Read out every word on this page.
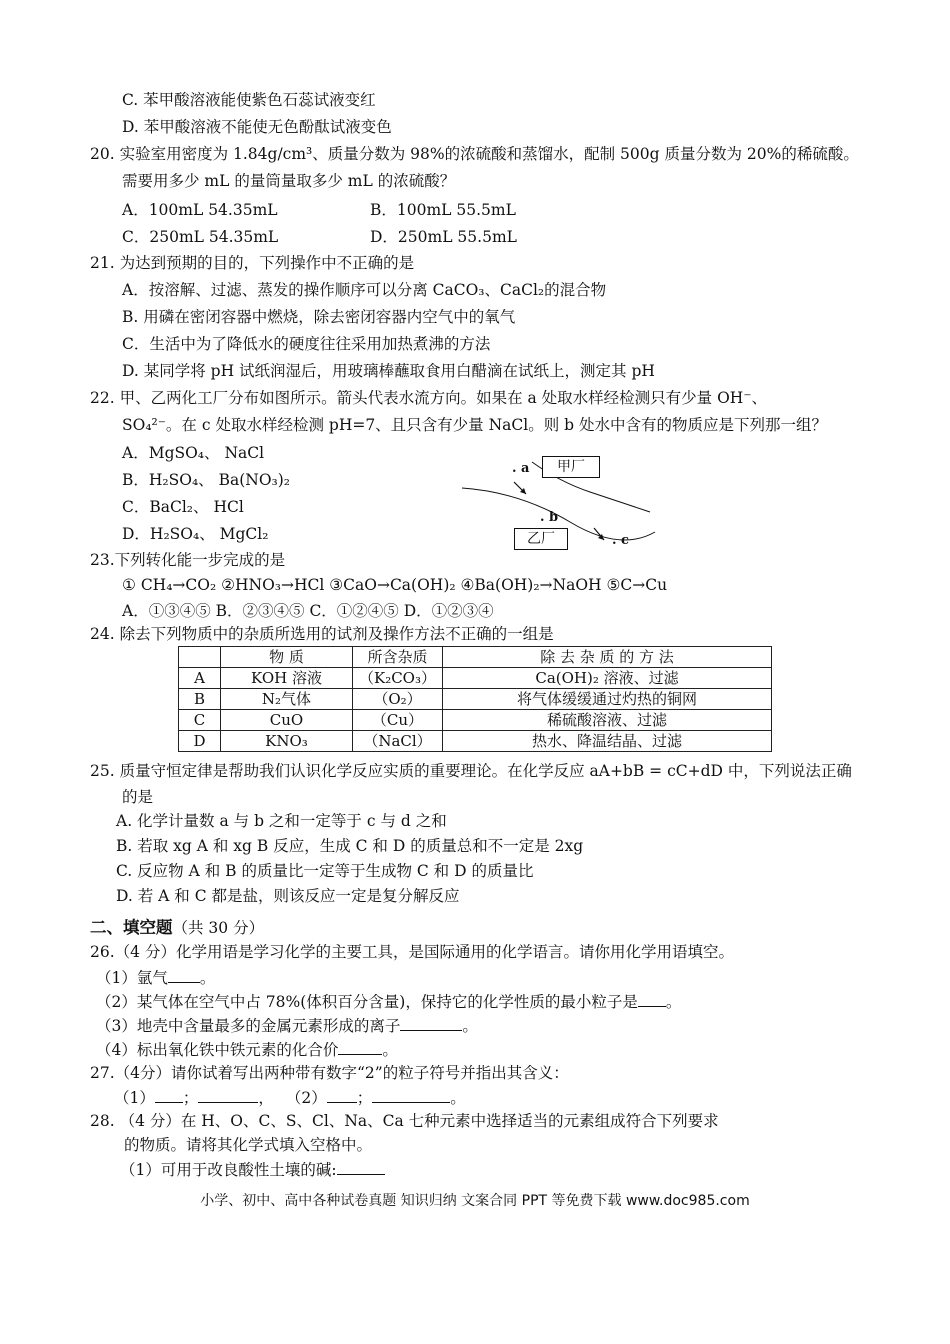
C. 苯甲酸溶液能使紫色石蕊试液变红
D. 苯甲酸溶液不能使无色酚酞试液变色
20. 实验室用密度为 1.84g/cm³、质量分数为 98%的浓硫酸和蒸馏水，配制 500g 质量分数为 20%的稀硫酸。
需要用多少 mL 的量筒量取多少 mL 的浓硫酸？
A．100mL 54.35mL	B．100mL 55.5mL
C．250mL 54.35mL	D．250mL 55.5mL
21. 为达到预期的目的，下列操作中不正确的是
A．按溶解、过滤、蒸发的操作顺序可以分离 CaCO₃、CaCl₂的混合物
B. 用磷在密闭容器中燃烧，除去密闭容器内空气中的氧气
C．生活中为了降低水的硬度往往采用加热煮沸的方法
D. 某同学将 pH 试纸润湿后，用玻璃棒蘸取食用白醋滴在试纸上，测定其 pH
22. 甲、乙两化工厂分布如图所示。箭头代表水流方向。如果在 a 处取水样经检测只有少量 OH⁻、
SO₄²⁻。在 c 处取水样经检测 pH=7、且只含有少量 NaCl。则 b 处水中含有的物质应是下列那一组？
A．MgSO₄、 NaCl
B．H₂SO₄、 Ba(NO₃)₂
C．BaCl₂、 HCl
D．H₂SO₄、 MgCl₂
甲厂
乙厂
. a
. b
. c
23.下列转化能一步完成的是
① CH₄→CO₂ ②HNO₃→HCl ③CaO→Ca(OH)₂ ④Ba(OH)₂→NaOH ⑤C→Cu
A．①③④⑤ B．②③④⑤ C．①②④⑤ D．①②③④
24. 除去下列物质中的杂质所选用的试剂及操作方法不正确的一组是
	物 质	所含杂质	除 去 杂 质 的 方 法
A	KOH 溶液	（K₂CO₃）	Ca(OH)₂ 溶液、过滤
B	N₂气体	（O₂）	将气体缓缓通过灼热的铜网
C	CuO	（Cu）	稀硫酸溶液、过滤
D	KNO₃	（NaCl）	热水、降温结晶、过滤
25. 质量守恒定律是帮助我们认识化学反应实质的重要理论。在化学反应 aA+bB = cC+dD 中，下列说法正确
的是
A. 化学计量数 a 与 b 之和一定等于 c 与 d 之和
B. 若取 xg A 和 xg B 反应，生成 C 和 D 的质量总和不一定是 2xg
C. 反应物 A 和 B 的质量比一定等于生成物 C 和 D 的质量比
D. 若 A 和 C 都是盐，则该反应一定是复分解反应
二、填空题（共 30 分）
26.（4 分）化学用语是学习化学的主要工具，是国际通用的化学语言。请你用化学用语填空。
（1）氩气 。
（2）某气体在空气中占 78%(体积百分含量)，保持它的化学性质的最小粒子是 。
（3）地壳中含量最多的金属元素形成的离子	。
（4）标出氧化铁中铁元素的化合价	。
27.（4分）请你试着写出两种带有数字“2”的粒子符号并指出其含义：
（1） ；	， （2） ；	。
28. （4 分）在 H、O、C、S、Cl、Na、Ca 七种元素中选择适当的元素组成符合下列要求
的物质。请将其化学式填入空格中。
（1）可用于改良酸性土壤的碱:
小学、初中、高中各种试卷真题 知识归纳 文案合同 PPT 等免费下载 www.doc985.com
